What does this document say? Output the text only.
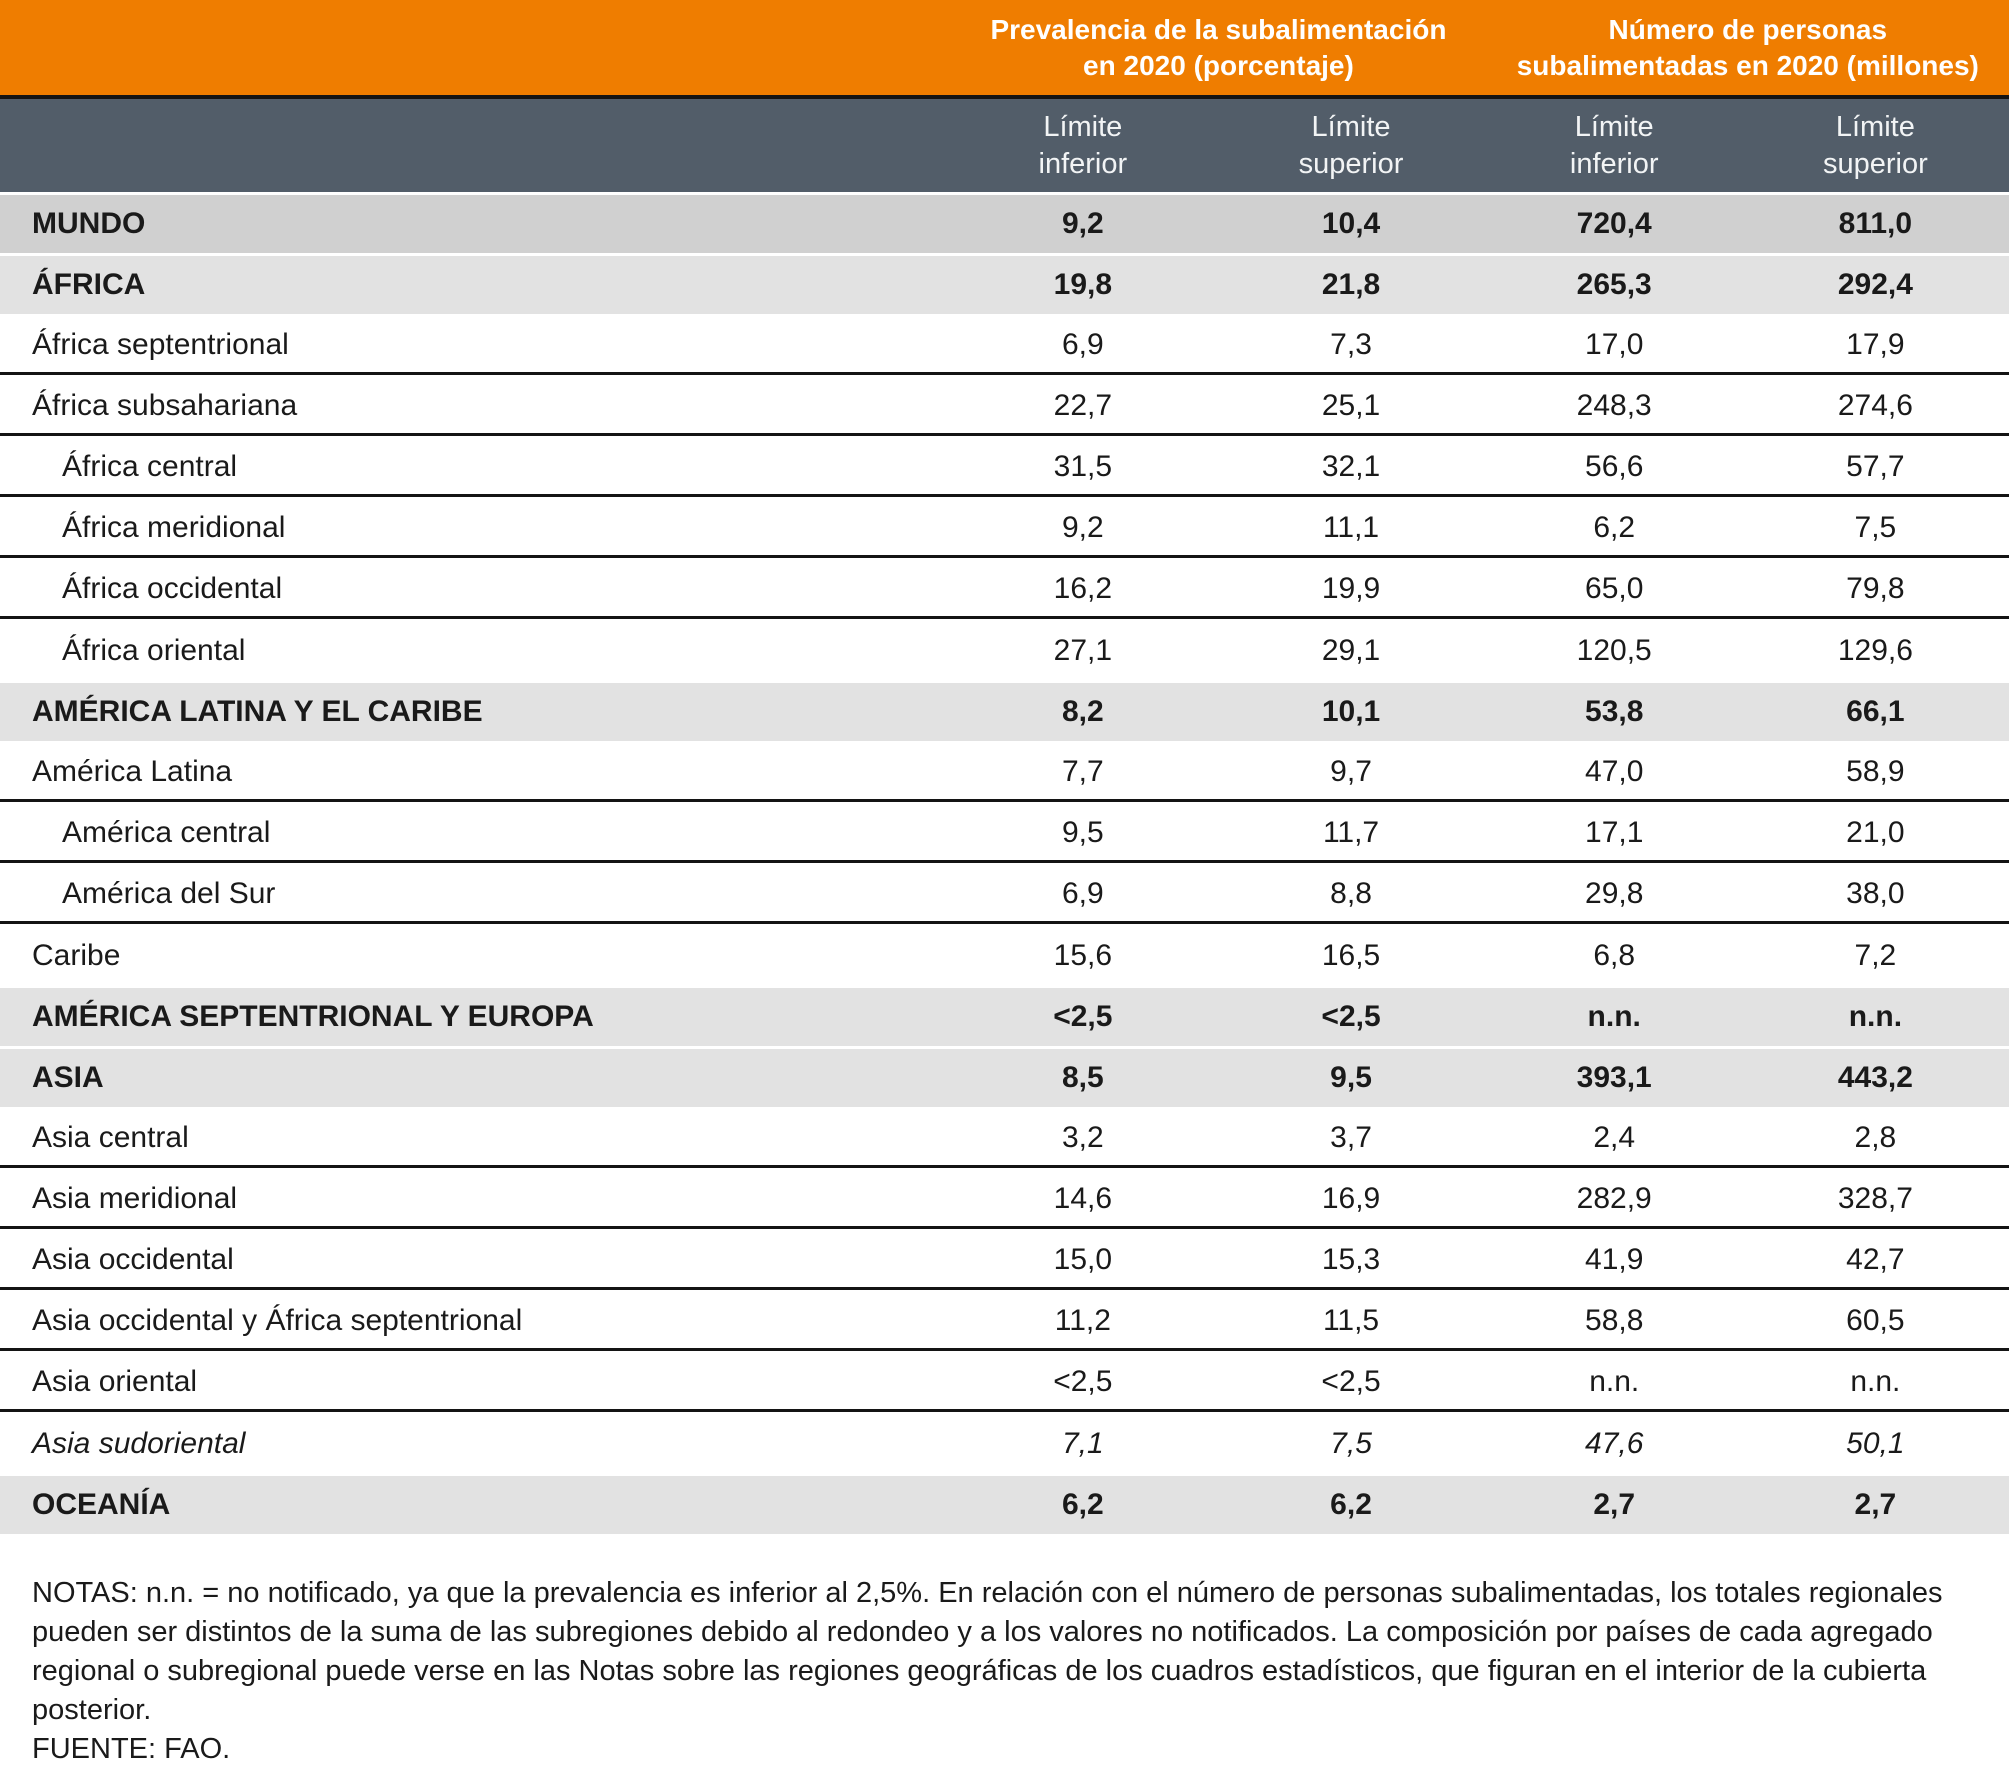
Prevalencia de la subalimentación
en 2020 (porcentaje)
Número de personas
subalimentadas en 2020 (millones)
Límite
inferior
Límite
superior
Límite
inferior
Límite
superior
MUNDO	9,2	10,4	720,4	811,0
ÁFRICA	19,8	21,8	265,3	292,4
África septentrional	6,9	7,3	17,0	17,9
África subsahariana	22,7	25,1	248,3	274,6
África central	31,5	32,1	56,6	57,7
África meridional	9,2	11,1	6,2	7,5
África occidental	16,2	19,9	65,0	79,8
África oriental	27,1	29,1	120,5	129,6
AMÉRICA LATINA Y EL CARIBE	8,2	10,1	53,8	66,1
América Latina	7,7	9,7	47,0	58,9
América central	9,5	11,7	17,1	21,0
América del Sur	6,9	8,8	29,8	38,0
Caribe	15,6	16,5	6,8	7,2
AMÉRICA SEPTENTRIONAL Y EUROPA	<2,5	<2,5	n.n.	n.n.
ASIA	8,5	9,5	393,1	443,2
Asia central	3,2	3,7	2,4	2,8
Asia meridional	14,6	16,9	282,9	328,7
Asia occidental	15,0	15,3	41,9	42,7
Asia occidental y África septentrional	11,2	11,5	58,8	60,5
Asia oriental	<2,5	<2,5	n.n.	n.n.
Asia sudoriental	7,1	7,5	47,6	50,1
OCEANÍA	6,2	6,2	2,7	2,7

NOTAS: n.n. = no notificado, ya que la prevalencia es inferior al 2,5%. En relación con el número de personas subalimentadas, los totales regionales pueden ser distintos de la suma de las subregiones debido al redondeo y a los valores no notificados. La composición por países de cada agregado regional o subregional puede verse en las Notas sobre las regiones geográficas de los cuadros estadísticos, que figuran en el interior de la cubierta posterior.

FUENTE: FAO.
